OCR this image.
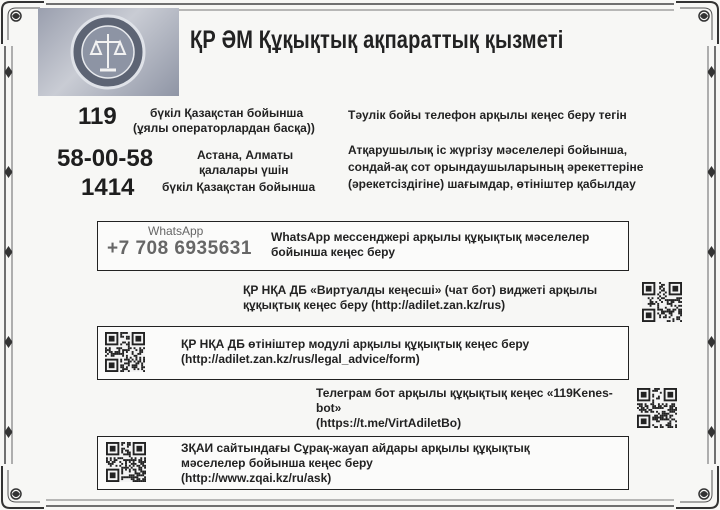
ҚР ӘМ Құқықтық ақпараттық қызметі
119	бүкіл Қазақстан бойынша
(ұялы операторлардан басқа))
58-00-58	Астана, Алматы
қалалары үшін
1414 бүкіл Қазақстан бойынша
Тәулік бойы телефон арқылы кеңес беру тегін
Атқарушылық іс жүргізу мәселелері бойынша,
сондай-ақ сот орындаушыларының әрекеттеріне
(әрекетсіздігіне) шағымдар, өтініштер қабылдау
WhatsApp
+7 708 6935631
WhatsApp мессенджері арқылы құқықтық мәселелер
бойынша кеңес беру
ҚР НҚА ДБ «Виртуалды кеңесші» (чат бот) виджеті арқылы
құқықтық кеңес беру (http://adilet.zan.kz/rus)
ҚР НҚА ДБ өтініштер модулі арқылы құқықтық кеңес беру
(http://adilet.zan.kz/rus/legal_advice/form)
Телеграм бот арқылы құқықтық кеңес «119Kenes-
bot»
(https://t.me/VirtAdiletBo)
ЗҚАИ сайтындағы Сұрақ-жауап айдары арқылы құқықтық
мәселелер бойынша кеңес беру
(http://www.zqai.kz/ru/ask)
